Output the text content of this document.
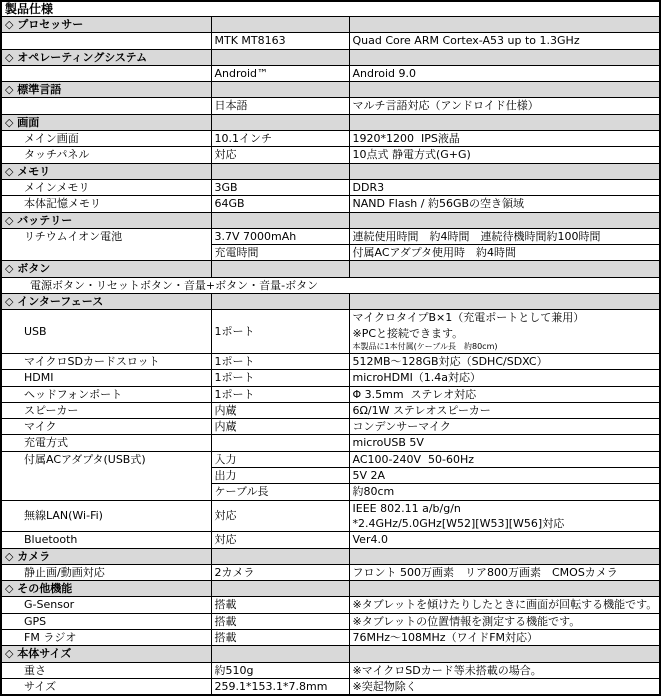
製品仕様		
◇ プロセッサー		
	MTK MT8163	Quad Core ARM Cortex-A53 up to 1.3GHz

◇ オペレーティングシステム		
	Android™	Android 9.0

◇ 標準言語		
	日本語	マルチ言語対応（アンドロイド仕様）

◇ 画面		
メイン画面	10.1インチ	1920*1200  IPS液晶

タッチパネル	対応	10点式 静電方式(G+G)

◇ メモリ		
メインメモリ	3GB	DDR3

本体記憶メモリ	64GB	NAND Flash / 約56GBの空き領域

◇ バッテリー		
リチウムイオン電池	3.7V 7000mAh	連続使用時間　約4時間　連続待機時間約100時間

	充電時間	付属ACアダプタ使用時　約4時間

◇ ボタン		
電源ボタン・リセットボタン・音量+ボタン・音量-ボタン		
◇ インターフェース		
USB	1ポート	マイクロタイプB×1（充電ポートとして兼用）
※PCと接続できます。
本製品に1本付属(ケーブル長　約80cm)

マイクロSDカードスロット	1ポート	512MB～128GB対応（SDHC/SDXC）

HDMI	1ポート	microHDMI（1.4a対応）

ヘッドフォンポート	1ポート	Φ 3.5mm  ステレオ対応

スピーカー	内蔵	6Ω/1W ステレオスピーカー

マイク	内蔵	コンデンサーマイク

充電方式		microUSB 5V

付属ACアダプタ(USB式)	入力	AC100-240V  50-60Hz

	出力	5V 2A

	ケーブル長	約80cm

無線LAN(Wi-Fi)	対応	IEEE 802.11 a/b/g/n
*2.4GHz/5.0GHz[W52][W53][W56]対応

Bluetooth	対応	Ver4.0

◇ カメラ		
静止画/動画対応	2カメラ	フロント 500万画素　リア800万画素　CMOSカメラ

◇ その他機能		
G-Sensor	搭載	※タブレットを傾けたりしたときに画面が回転する機能です。

GPS	搭載	※タブレットの位置情報を測定する機能です。

FM ラジオ	搭載	76MHz～108MHz（ワイドFM対応）

◇ 本体サイズ		
重さ	約510g	※マイクロSDカード等未搭載の場合。

サイズ	259.1*153.1*7.8mm	※突起物除く
